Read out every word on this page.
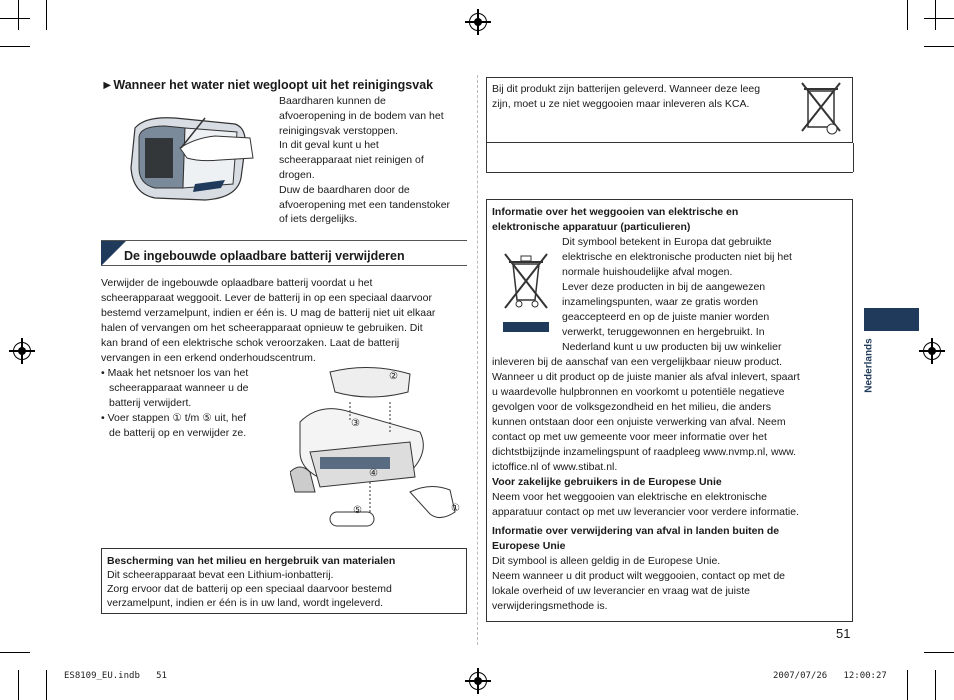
►Wanneer het water niet wegloopt uit het reinigingsvak
Baardharen kunnen de
afvoeropening in de bodem van het
reinigingsvak verstoppen.
In dit geval kunt u het
scheerapparaat niet reinigen of
drogen.
Duw de baardharen door de
afvoeropening met een tandenstoker
of iets dergelijks.
De ingebouwde oplaadbare batterij verwijderen
Verwijder de ingebouwde oplaadbare batterij voordat u het
scheerapparaat weggooit. Lever de batterij in op een speciaal daarvoor
bestemd verzamelpunt, indien er één is. U mag de batterij niet uit elkaar
halen of vervangen om het scheerapparaat opnieuw te gebruiken. Dit
kan brand of een elektrische schok veroorzaken. Laat de batterij
vervangen in een erkend onderhoudscentrum.
• Maak het netsnoer los van het
scheerapparaat wanneer u de
batterij verwijdert.
• Voer stappen ① t/m ⑤ uit, hef
de batterij op en verwijder ze.
②
③
④
⑤	①
Bescherming van het milieu en hergebruik van materialen
Dit scheerapparaat bevat een Lithium-ionbatterij.
Zorg ervoor dat de batterij op een speciaal daarvoor bestemd
verzamelpunt, indien er één is in uw land, wordt ingeleverd.
Bij dit produkt zijn batterijen geleverd. Wanneer deze leeg
zijn, moet u ze niet weggooien maar inleveren als KCA.
Informatie over het weggooien van elektrische en
elektronische apparatuur (particulieren)
Dit symbool betekent in Europa dat gebruikte
elektrische en elektronische producten niet bij het
normale huishoudelijke afval mogen.
Lever deze producten in bij de aangewezen
inzamelingspunten, waar ze gratis worden
geaccepteerd en op de juiste manier worden
verwerkt, teruggewonnen en hergebruikt. In
Nederland kunt u uw producten bij uw winkelier
inleveren bij de aanschaf van een vergelijkbaar nieuw product.
Wanneer u dit product op de juiste manier als afval inlevert, spaart
u waardevolle hulpbronnen en voorkomt u potentiële negatieve
gevolgen voor de volksgezondheid en het milieu, die anders
kunnen ontstaan door een onjuiste verwerking van afval. Neem
contact op met uw gemeente voor meer informatie over het
dichtstbijzijnde inzamelingspunt of raadpleeg www.nvmp.nl, www.
ictoffice.nl of www.stibat.nl.
Voor zakelijke gebruikers in de Europese Unie
Neem voor het weggooien van elektrische en elektronische
apparatuur contact op met uw leverancier voor verdere informatie.
Informatie over verwijdering van afval in landen buiten de
Europese Unie
Dit symbool is alleen geldig in de Europese Unie.
Neem wanneer u dit product wilt weggooien, contact op met de
lokale overheid of uw leverancier en vraag wat de juiste
verwijderingsmethode is.
Nederlands
51
ES8109_EU.indb   51	2007/07/26   12:00:27
